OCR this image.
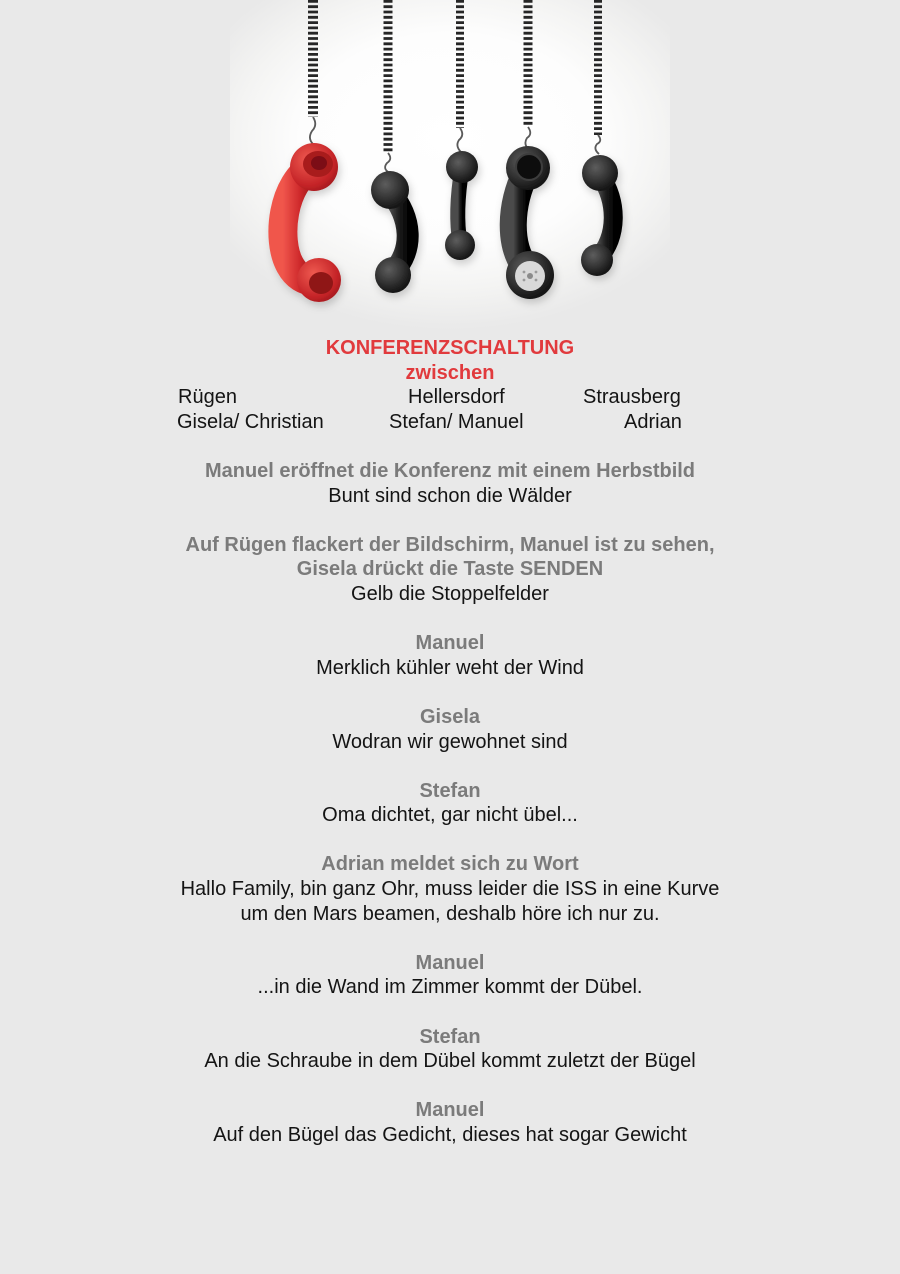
KONFERENZSCHALTUNG
zwischen
Rügen	Hellersdorf	Strausberg
Gisela/ Christian	Stefan/ Manuel	Adrian
Manuel eröffnet die Konferenz mit einem Herbstbild
Bunt sind schon die Wälder
Auf Rügen flackert der Bildschirm, Manuel ist zu sehen,
Gisela drückt die Taste SENDEN
Gelb die Stoppelfelder
Manuel
Merklich kühler weht der Wind
Gisela
Wodran wir gewohnet sind
Stefan
Oma dichtet, gar nicht übel...
Adrian meldet sich zu Wort
Hallo Family, bin ganz Ohr, muss leider die ISS in eine Kurve
um den Mars beamen, deshalb höre ich nur zu.
Manuel
...in die Wand im Zimmer kommt der Dübel.
Stefan
An die Schraube in dem Dübel kommt zuletzt der Bügel
Manuel
Auf den Bügel das Gedicht, dieses hat sogar Gewicht
